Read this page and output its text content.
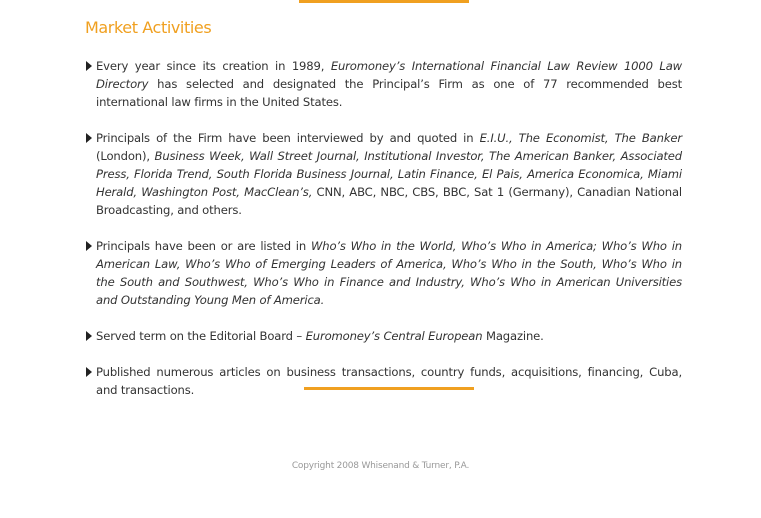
Market Activities
Every year since its creation in 1989, Euromoney’s International Financial Law Review 1000 Law Directory has selected and designated the Principal’s Firm as one of 77 recommended best international law firms in the United States.
Principals of the Firm have been interviewed by and quoted in E.I.U., The Economist, The Banker (London), Business Week, Wall Street Journal, Institutional Investor, The American Banker, Associated Press, Florida Trend, South Florida Business Journal, Latin Finance, El Pais, America Economica, Miami Herald, Washington Post, MacClean’s, CNN, ABC, NBC, CBS, BBC, Sat 1 (Germany), Canadian National Broadcasting, and others.
Principals have been or are listed in Who’s Who in the World, Who’s Who in America; Who’s Who in American Law, Who’s Who of Emerging Leaders of America, Who’s Who in the South, Who’s Who in the South and Southwest, Who’s Who in Finance and Industry, Who’s Who in American Universities and Outstanding Young Men of America.
Served term on the Editorial Board – Euromoney’s Central European Magazine.
Published numerous articles on business transactions, country funds, acquisitions, financing, Cuba, and transactions.
Copyright 2008 Whisenand & Turner, P.A.
